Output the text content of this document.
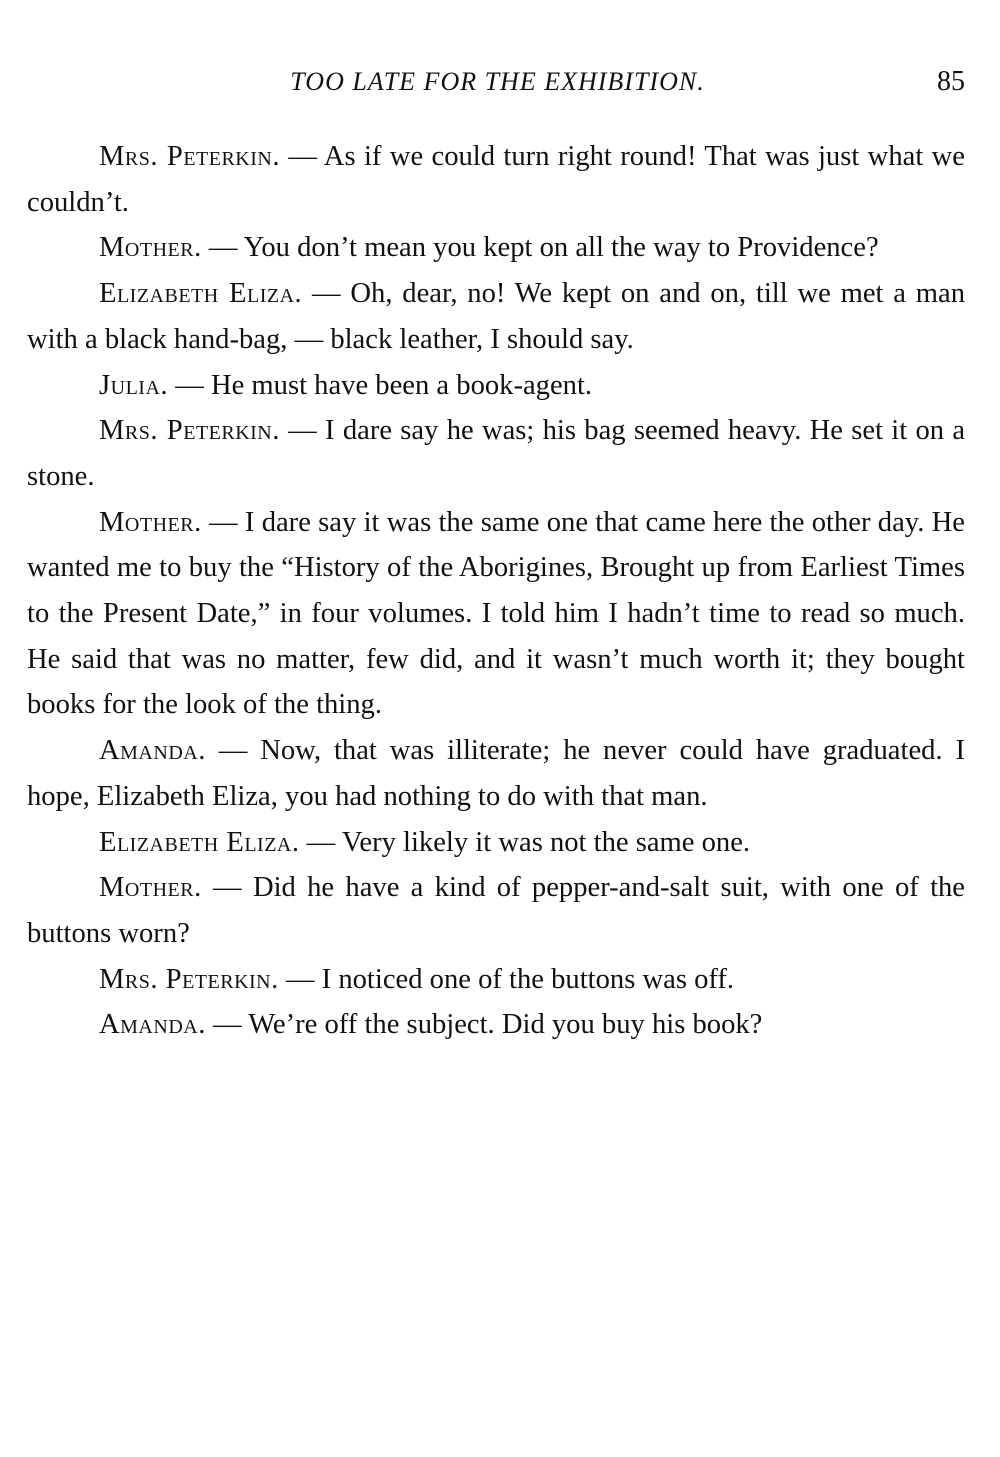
TOO LATE FOR THE EXHIBITION.	85

Mrs. Peterkin. — As if we could turn right round! That was just what we couldn’t.

Mother. — You don’t mean you kept on all the way to Providence?

Elizabeth Eliza. — Oh, dear, no! We kept on and on, till we met a man with a black hand-bag, — black leather, I should say.

Julia. — He must have been a book-agent.

Mrs. Peterkin. — I dare say he was; his bag seemed heavy. He set it on a stone.

Mother. — I dare say it was the same one that came here the other day. He wanted me to buy the “History of the Aborigines, Brought up from Earliest Times to the Present Date,” in four volumes. I told him I hadn’t time to read so much. He said that was no matter, few did, and it wasn’t much worth it; they bought books for the look of the thing.

Amanda. — Now, that was illiterate; he never could have graduated. I hope, Elizabeth Eliza, you had nothing to do with that man.

Elizabeth Eliza. — Very likely it was not the same one.

Mother. — Did he have a kind of pepper-and-salt suit, with one of the buttons worn?

Mrs. Peterkin. — I noticed one of the buttons was off.

Amanda. — We’re off the subject. Did you buy his book?
